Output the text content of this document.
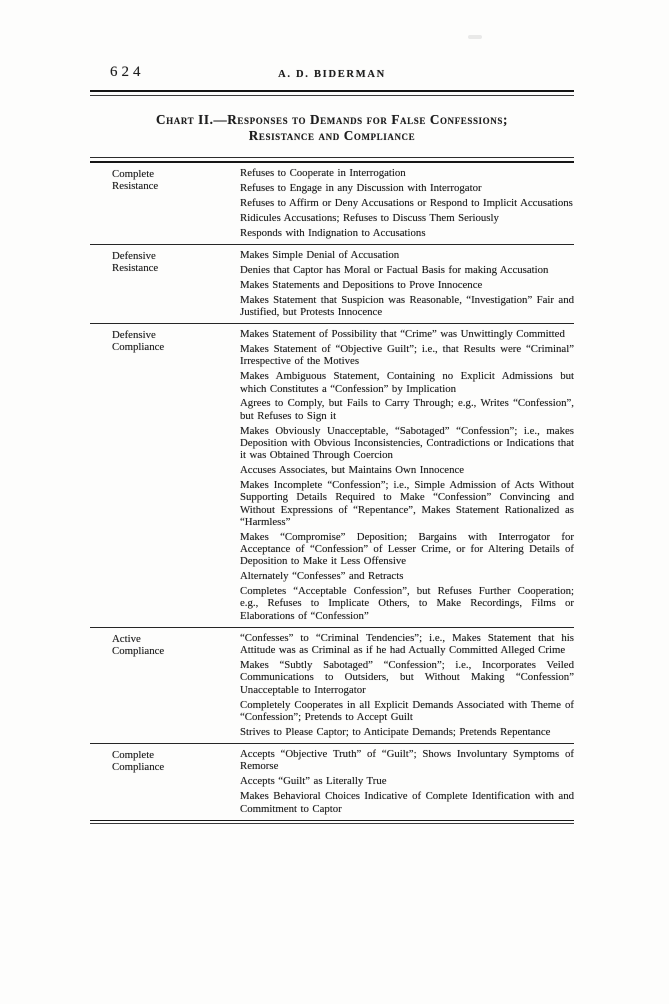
624	A. D. BIDERMAN
Chart II.—Responses to Demands for False Confessions;
Resistance and Compliance
Complete Resistance

Refuses to Cooperate in Interrogation

Refuses to Engage in any Discussion with Interrogator

Refuses to Affirm or Deny Accusations or Respond to Implicit Accusations

Ridicules Accusations; Refuses to Discuss Them Seriously

Responds with Indignation to Accusations

Defensive Resistance

Makes Simple Denial of Accusation

Denies that Captor has Moral or Factual Basis for making Accusation

Makes Statements and Depositions to Prove Innocence

Makes Statement that Suspicion was Reasonable, “Investigation” Fair and Justified, but Protests Innocence

Defensive Compliance

Makes Statement of Possibility that “Crime” was Unwittingly Committed

Makes Statement of “Objective Guilt”; i.e., that Results were “Criminal” Irrespective of the Motives

Makes Ambiguous Statement, Containing no Explicit Admissions but which Constitutes a “Confession” by Implication

Agrees to Comply, but Fails to Carry Through; e.g., Writes “Confession”, but Refuses to Sign it

Makes Obviously Unacceptable, “Sabotaged” “Confession”; i.e., makes Deposition with Obvious Inconsistencies, Contradictions or Indications that it was Obtained Through Coercion

Accuses Associates, but Maintains Own Innocence

Makes Incomplete “Confession”; i.e., Simple Admission of Acts Without Supporting Details Required to Make “Confession” Convincing and Without Expressions of “Repentance”, Makes Statement Rationalized as “Harmless”

Makes “Compromise” Deposition; Bargains with Interrogator for Acceptance of “Confession” of Lesser Crime, or for Altering Details of Deposition to Make it Less Offensive

Alternately “Confesses” and Retracts

Completes “Acceptable Confession”, but Refuses Further Cooperation; e.g., Refuses to Implicate Others, to Make Recordings, Films or Elaborations of “Confession”

Active Compliance

“Confesses” to “Criminal Tendencies”; i.e., Makes Statement that his Attitude was as Criminal as if he had Actually Committed Alleged Crime

Makes “Subtly Sabotaged” “Confession”; i.e., Incorporates Veiled Communications to Outsiders, but Without Making “Confession” Unacceptable to Interrogator

Completely Cooperates in all Explicit Demands Associated with Theme of “Confession”; Pretends to Accept Guilt

Strives to Please Captor; to Anticipate Demands; Pretends Repentance

Complete Compliance

Accepts “Objective Truth” of “Guilt”; Shows Involuntary Symptoms of Remorse

Accepts “Guilt” as Literally True

Makes Behavioral Choices Indicative of Complete Identification with and Commitment to Captor
